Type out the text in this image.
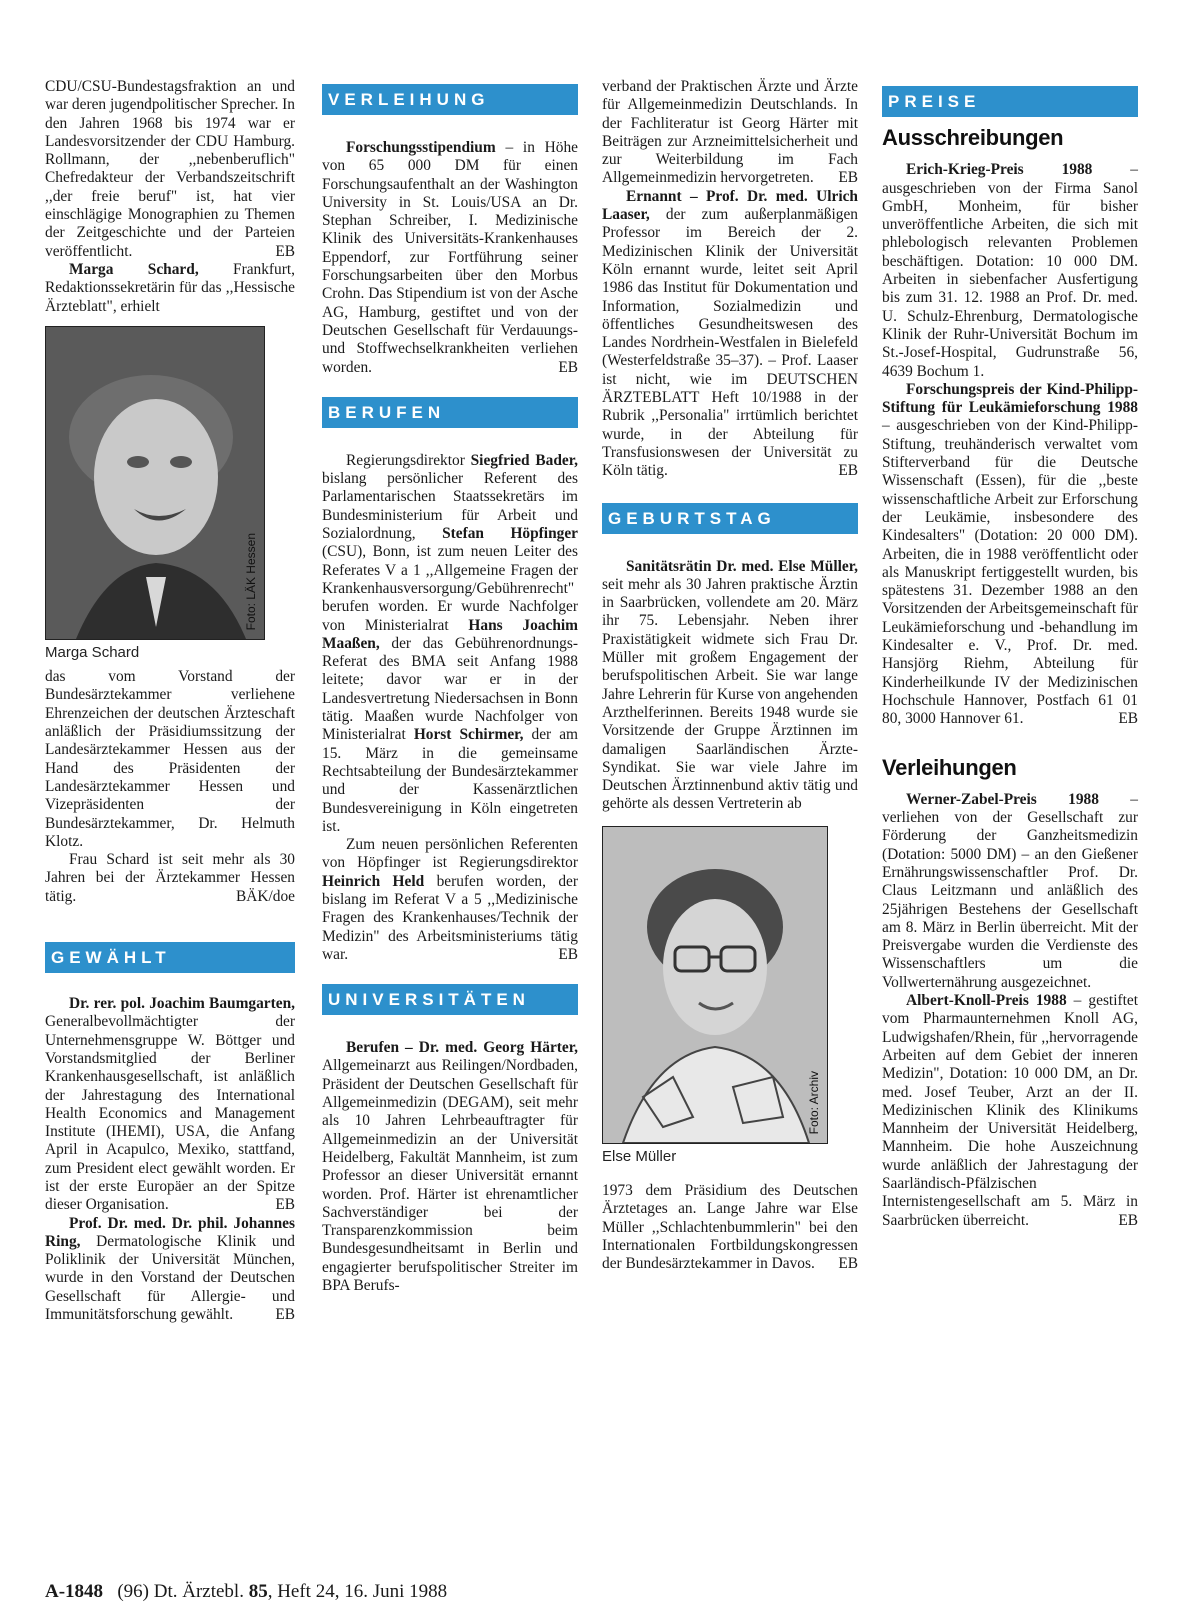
CDU/CSU-Bundestagsfraktion an und war deren jugendpolitischer Sprecher. In den Jahren 1968 bis 1974 war er Landesvorsitzender der CDU Hamburg. Rollmann, der ,,nebenberuflich" Chefredakteur der Verbandszeitschrift ,,der freie beruf" ist, hat vier einschlägige Monographien zu Themen der Zeitgeschichte und der Parteien veröffentlicht.	EB

Marga Schard, Frankfurt, Redaktionssekretärin für das ,,Hessische Ärzteblatt", erhielt

Foto: LÄK Hessen
Marga Schard

das vom Vorstand der Bundesärztekammer verliehene Ehrenzeichen der deutschen Ärzteschaft anläßlich der Präsidiumssitzung der Landesärztekammer Hessen aus der Hand des Präsidenten der Landesärztekammer Hessen und Vizepräsidenten der Bundesärztekammer, Dr. Helmuth Klotz.

Frau Schard ist seit mehr als 30 Jahren bei der Ärztekammer Hessen tätig.	BÄK/doe

GEWÄHLT

Dr. rer. pol. Joachim Baumgarten, Generalbevollmächtigter der Unternehmensgruppe W. Böttger und Vorstandsmitglied der Berliner Krankenhausgesellschaft, ist anläßlich der Jahrestagung des International Health Economics and Management Institute (IHEMI), USA, die Anfang April in Acapulco, Mexiko, stattfand, zum President elect gewählt worden. Er ist der erste Europäer an der Spitze dieser Organisation.	EB

Prof. Dr. med. Dr. phil. Johannes Ring, Dermatologische Klinik und Poliklinik der Universität München, wurde in den Vorstand der Deutschen Gesellschaft für Allergie- und Immunitätsforschung gewählt.	EB

VERLEIHUNG

Forschungsstipendium – in Höhe von 65 000 DM für einen Forschungsaufenthalt an der Washington University in St. Louis/USA an Dr. Stephan Schreiber, I. Medizinische Klinik des Universitäts-Krankenhauses Eppendorf, zur Fortführung seiner Forschungsarbeiten über den Morbus Crohn. Das Stipendium ist von der Asche AG, Hamburg, gestiftet und von der Deutschen Gesellschaft für Verdauungs- und Stoffwechselkrankheiten verliehen worden.	EB

BERUFEN

Regierungsdirektor Siegfried Bader, bislang persönlicher Referent des Parlamentarischen Staatssekretärs im Bundesministerium für Arbeit und Sozialordnung, Stefan Höpfinger (CSU), Bonn, ist zum neuen Leiter des Referates V a 1 ,,Allgemeine Fragen der Krankenhausversorgung/Gebührenrecht" berufen worden. Er wurde Nachfolger von Ministerialrat Hans Joachim Maaßen, der das Gebührenordnungs-Referat des BMA seit Anfang 1988 leitete; davor war er in der Landesvertretung Niedersachsen in Bonn tätig. Maaßen wurde Nachfolger von Ministerialrat Horst Schirmer, der am 15. März in die gemeinsame Rechtsabteilung der Bundesärztekammer und der Kassenärztlichen Bundesvereinigung in Köln eingetreten ist.

Zum neuen persönlichen Referenten von Höpfinger ist Regierungsdirektor Heinrich Held berufen worden, der bislang im Referat V a 5 ,,Medizinische Fragen des Krankenhauses/Technik der Medizin" des Arbeitsministeriums tätig war.	EB

UNIVERSITÄTEN

Berufen – Dr. med. Georg Härter, Allgemeinarzt aus Reilingen/Nordbaden, Präsident der Deutschen Gesellschaft für Allgemeinmedizin (DEGAM), seit mehr als 10 Jahren Lehrbeauftragter für Allgemeinmedizin an der Universität Heidelberg, Fakultät Mannheim, ist zum Professor an dieser Universität ernannt worden. Prof. Härter ist ehrenamtlicher Sachverständiger bei der Transparenzkommission beim Bundesgesundheitsamt in Berlin und engagierter berufspolitischer Streiter im BPA Berufs-

verband der Praktischen Ärzte und Ärzte für Allgemeinmedizin Deutschlands. In der Fachliteratur ist Georg Härter mit Beiträgen zur Arzneimittelsicherheit und zur Weiterbildung im Fach Allgemeinmedizin hervorgetreten. EB

Ernannt – Prof. Dr. med. Ulrich Laaser, der zum außerplanmäßigen Professor im Bereich der 2. Medizinischen Klinik der Universität Köln ernannt wurde, leitet seit April 1986 das Institut für Dokumentation und Information, Sozialmedizin und öffentliches Gesundheitswesen des Landes Nordrhein-Westfalen in Bielefeld (Westerfeldstraße 35–37). – Prof. Laaser ist nicht, wie im DEUTSCHEN ÄRZTEBLATT Heft 10/1988 in der Rubrik ,,Personalia" irrtümlich berichtet wurde, in der Abteilung für Transfusionswesen der Universität zu Köln tätig.	EB

GEBURTSTAG

Sanitätsrätin Dr. med. Else Müller, seit mehr als 30 Jahren praktische Ärztin in Saarbrücken, vollendete am 20. März ihr 75. Lebensjahr. Neben ihrer Praxistätigkeit widmete sich Frau Dr. Müller mit großem Engagement der berufspolitischen Arbeit. Sie war lange Jahre Lehrerin für Kurse von angehenden Arzthelferinnen. Bereits 1948 wurde sie Vorsitzende der Gruppe Ärztinnen im damaligen Saarländischen Ärzte-Syndikat. Sie war viele Jahre im Deutschen Ärztinnenbund aktiv tätig und gehörte als dessen Vertreterin ab

Foto: Archiv
Else Müller

1973 dem Präsidium des Deutschen Ärztetages an. Lange Jahre war Else Müller ,,Schlachtenbummlerin" bei den Internationalen Fortbildungskongressen der Bundesärztekammer in Davos. EB

PREISE
Ausschreibungen

Erich-Krieg-Preis 1988 – ausgeschrieben von der Firma Sanol GmbH, Monheim, für bisher unveröffentliche Arbeiten, die sich mit phlebologisch relevanten Problemen beschäftigen. Dotation: 10 000 DM. Arbeiten in siebenfacher Ausfertigung bis zum 31. 12. 1988 an Prof. Dr. med. U. Schulz-Ehrenburg, Dermatologische Klinik der Ruhr-Universität Bochum im St.-Josef-Hospital, Gudrunstraße 56, 4639 Bochum 1.

Forschungspreis der Kind-Philipp-Stiftung für Leukämieforschung 1988 – ausgeschrieben von der Kind-Philipp-Stiftung, treuhänderisch verwaltet vom Stifterverband für die Deutsche Wissenschaft (Essen), für die ,,beste wissenschaftliche Arbeit zur Erforschung der Leukämie, insbesondere des Kindesalters" (Dotation: 20 000 DM). Arbeiten, die in 1988 veröffentlicht oder als Manuskript fertiggestellt wurden, bis spätestens 31. Dezember 1988 an den Vorsitzenden der Arbeitsgemeinschaft für Leukämieforschung und -behandlung im Kindesalter e. V., Prof. Dr. med. Hansjörg Riehm, Abteilung für Kinderheilkunde IV der Medizinischen Hochschule Hannover, Postfach 61 01 80, 3000 Hannover 61.	EB

Verleihungen

Werner-Zabel-Preis 1988 – verliehen von der Gesellschaft zur Förderung der Ganzheitsmedizin (Dotation: 5000 DM) – an den Gießener Ernährungswissenschaftler Prof. Dr. Claus Leitzmann und anläßlich des 25jährigen Bestehens der Gesellschaft am 8. März in Berlin überreicht. Mit der Preisvergabe wurden die Verdienste des Wissenschaftlers um die Vollwerternährung ausgezeichnet.

Albert-Knoll-Preis 1988 – gestiftet vom Pharmaunternehmen Knoll AG, Ludwigshafen/Rhein, für ,,hervorragende Arbeiten auf dem Gebiet der inneren Medizin", Dotation: 10 000 DM, an Dr. med. Josef Teuber, Arzt an der II. Medizinischen Klinik des Klinikums Mannheim der Universität Heidelberg, Mannheim. Die hohe Auszeichnung wurde anläßlich der Jahrestagung der Saarländisch-Pfälzischen Internistengesellschaft am 5. März in Saarbrücken überreicht.	EB

A-1848 (96) Dt. Ärztebl. 85, Heft 24, 16. Juni 1988
